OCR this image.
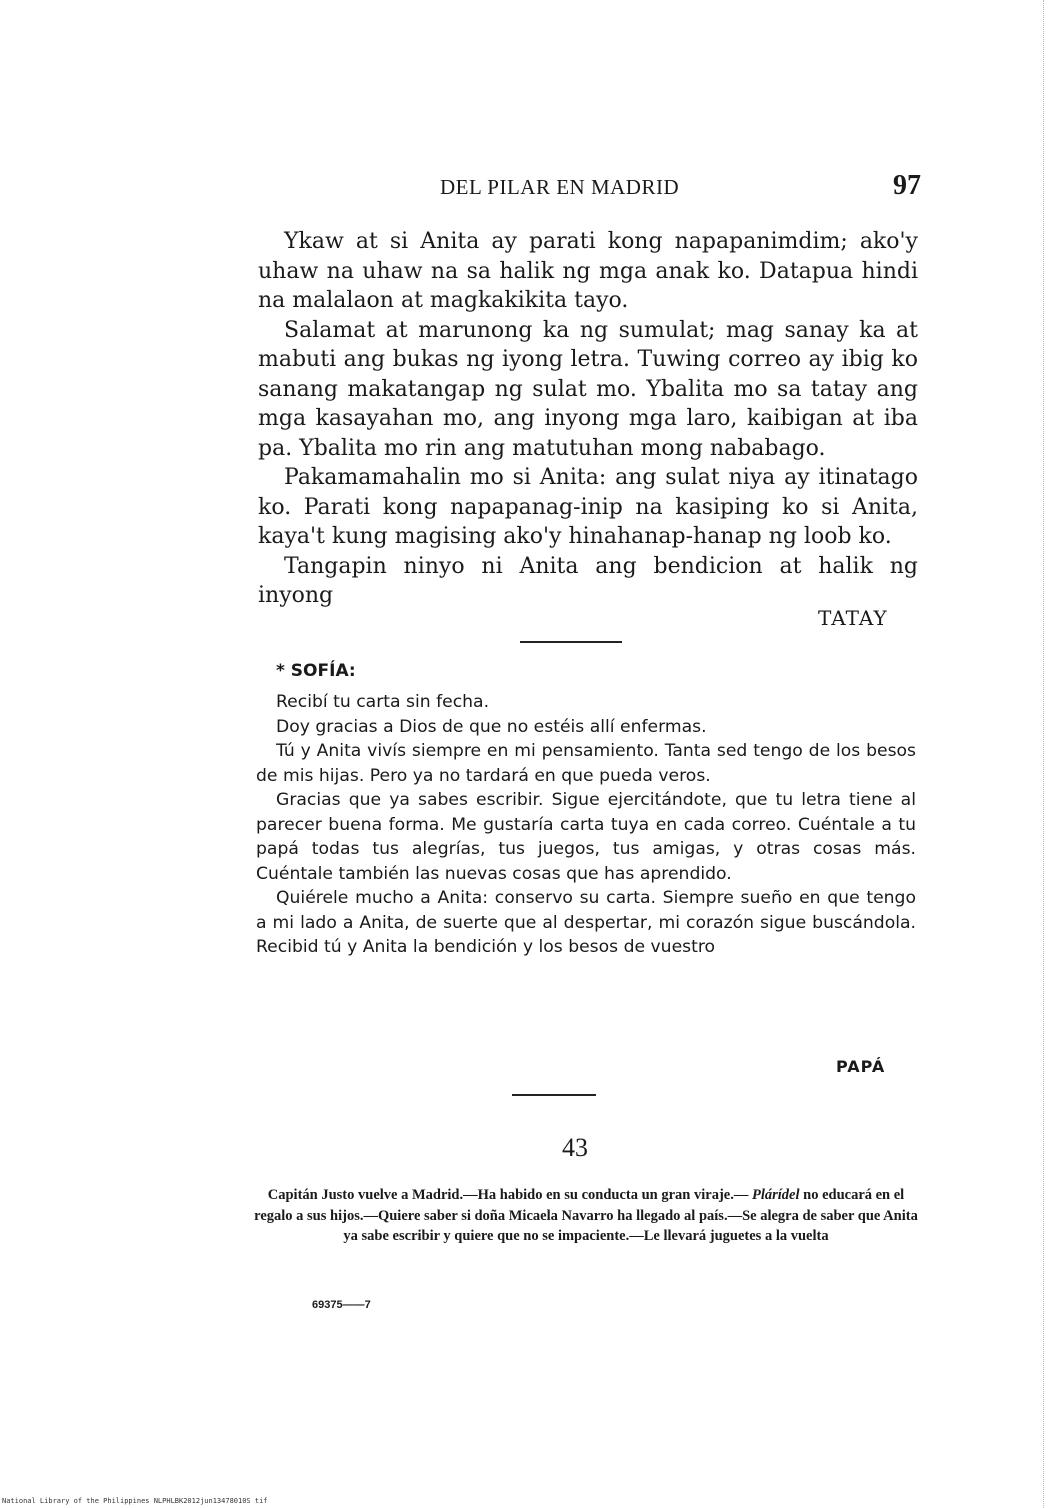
DEL PILAR EN MADRID	97

Ykaw at si Anita ay parati kong napapanimdim; ako'y uhaw na uhaw na sa halik ng mga anak ko. Datapua hindi na malalaon at magkakikita tayo.

Salamat at marunong ka ng sumulat; mag sanay ka at mabuti ang bukas ng iyong letra. Tuwing correo ay ibig ko sanang makatangap ng sulat mo. Ybalita mo sa tatay ang mga kasayahan mo, ang inyong mga laro, kaibigan at iba pa. Ybalita mo rin ang matutuhan mong nababago.

Pakamamahalin mo si Anita: ang sulat niya ay itinatago ko. Parati kong napapanag-inip na kasiping ko si Anita, kaya't kung magising ako'y hinahanap-hanap ng loob ko.

Tangapin ninyo ni Anita ang bendicion at halik ng inyong

TATAY
* SOFÍA:

Recibí tu carta sin fecha.

Doy gracias a Dios de que no estéis allí enfermas.

Tú y Anita vivís siempre en mi pensamiento. Tanta sed tengo de los besos de mis hijas. Pero ya no tardará en que pueda veros.

Gracias que ya sabes escribir. Sigue ejercitándote, que tu letra tiene al parecer buena forma. Me gustaría carta tuya en cada correo. Cuéntale a tu papá todas tus alegrías, tus juegos, tus amigas, y otras cosas más. Cuéntale también las nuevas cosas que has aprendido.

Quiérele mucho a Anita: conservo su carta. Siempre sueño en que tengo a mi lado a Anita, de suerte que al despertar, mi corazón sigue buscándola. Recibid tú y Anita la bendición y los besos de vuestro

PAPÁ
43
Capitán Justo vuelve a Madrid.—Ha habido en su conducta un gran viraje.— Plárídel no educará en el regalo a sus hijos.—Quiere saber si doña Micaela Navarro ha llegado al país.—Se alegra de saber que Anita ya sabe escribir y quiere que no se impaciente.—Le llevará juguetes a la vuelta
69375——7
National Library of the Philippines NLPHLBK2012jun13478010S tif
